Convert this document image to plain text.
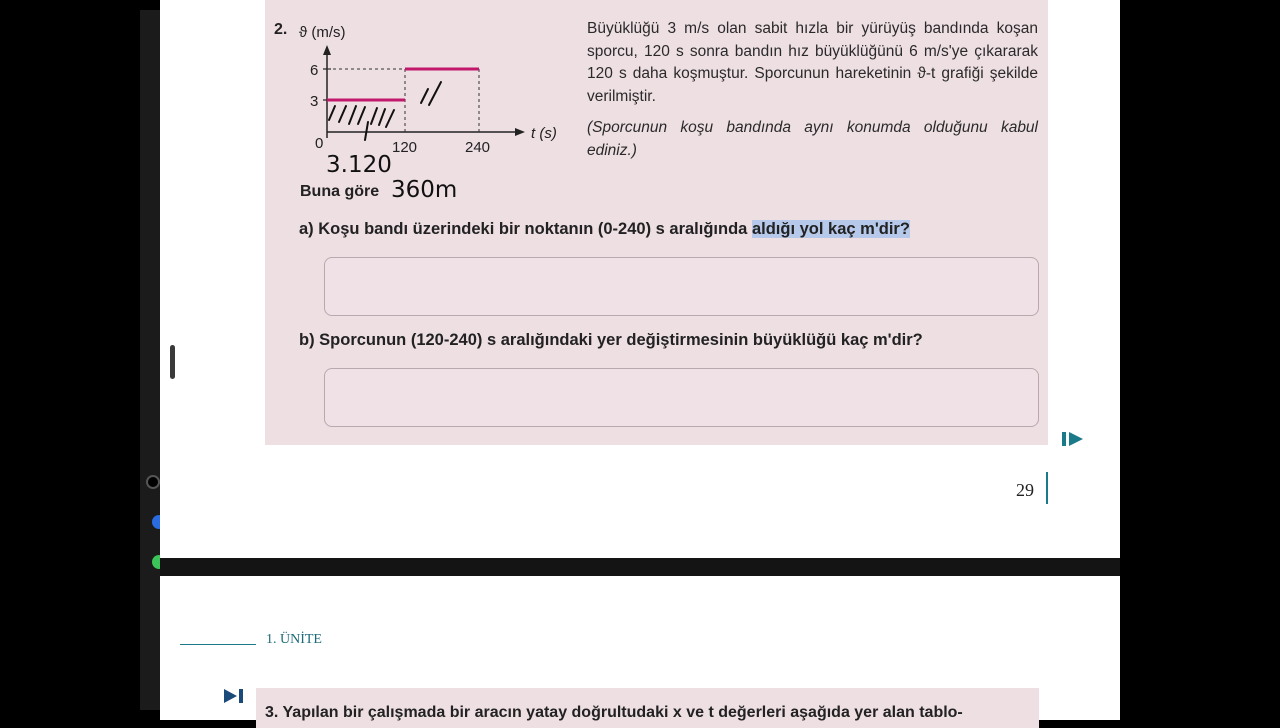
2. ϑ (m/s)
t (s)
6
3
0	120	240
Büyüklüğü 3 m/s olan sabit hızla bir yürüyüş bandında koşan sporcu, 120 s sonra bandın hız büyüklüğünü 6 m/s'ye çıkararak 120 s daha koşmuştur. Sporcunun hareketinin ϑ-t grafiği şekilde verilmiştir.
(Sporcunun koşu bandında aynı konumda olduğunu kabul ediniz.)
3.120
Buna göre 360m
a) Koşu bandı üzerindeki bir noktanın (0-240) s aralığında aldığı yol kaç m'dir?
b) Sporcunun (120-240) s aralığındaki yer değiştirmesinin büyüklüğü kaç m'dir?
29
1. ÜNİTE
3. Yapılan bir çalışmada bir aracın yatay doğrultudaki x ve t değerleri aşağıda yer alan tablo-
